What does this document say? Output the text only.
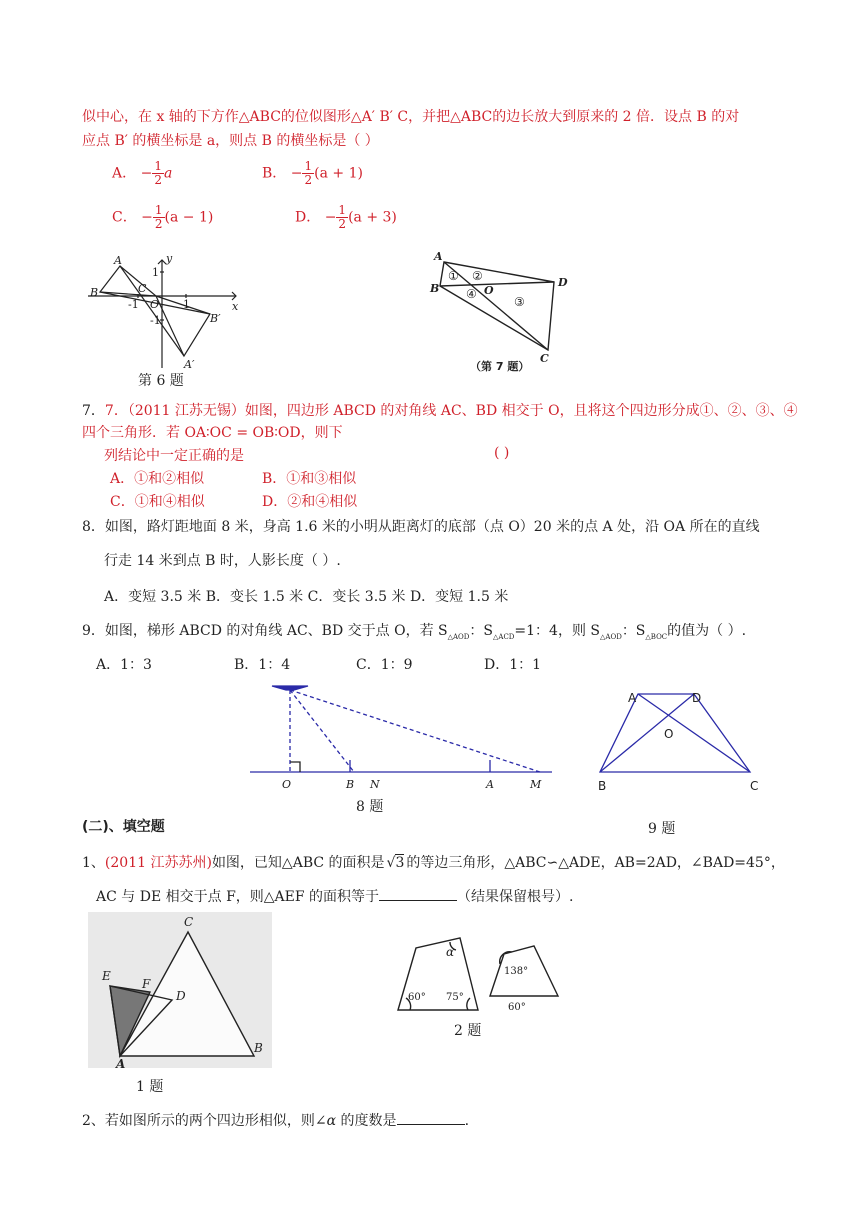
似中心，在 x 轴的下方作△ABC的位似图形△A′ B′ C，并把△ABC的边长放大到原来的 2 倍．设点 B 的对
应点 B′ 的横坐标是 a，则点 B 的横坐标是（ ）
A． − $\frac{1}{2}$ a	B． − $\frac{1}{2} (a + 1)$
C． − $\frac{1}{2} (a - 1)$	D． − $\frac{1}{2} (a + 3)$
A
B	C
O
B′
A′
y
x
1
1
-1
-1
第 6 题
A
B
C
D
O
① ②
③
④
（第 7 题）
7．7．（2011 江苏无锡）如图，四边形 ABCD 的对角线 AC、BD 相交于 O，且将这个四边形分成①、②、③、④
四个三角形．若 OA∶OC = OB∶OD，则下
列结论中一定正确的是	( )
A．①和②相似	B．①和③相似
C．①和④相似	D．②和④相似
8．如图，路灯距地面 8 米，身高 1.6 米的小明从距离灯的底部（点 O）20 米的点 A 处，沿 OA 所在的直线
行走 14 米到点 B 时，人影长度（ ）.
A．变短 3.5 米 B．变长 1.5 米 C．变长 3.5 米 D．变短 1.5 米
9．如图，梯形 ABCD 的对角线 AC、BD 交于点 O，若 $S_{\triangle AOD}$：$S_{\triangle ACD}=1$：4，则 $S_{\triangle AOD}$：$S_{\triangle BOC}$的值为（ ）.
A．1：3	B．1：4	C．1：9	D．1：1
O	B N	A	M
8 题
A	D
O
B	C
9 题
(二)、填空题
1、(2011 江苏苏州)如图，已知△ABC 的面积是 √3 的等边三角形，△ABC∽△ADE，AB=2AD，∠BAD=45°，
AC 与 DE 相交于点 F，则△AEF 的面积等于	（结果保留根号）.
C
E
F
D
A
B
1 题
α
60° 75°
138°
60°
2 题
2、若如图所示的两个四边形相似，则∠α 的度数是	.
